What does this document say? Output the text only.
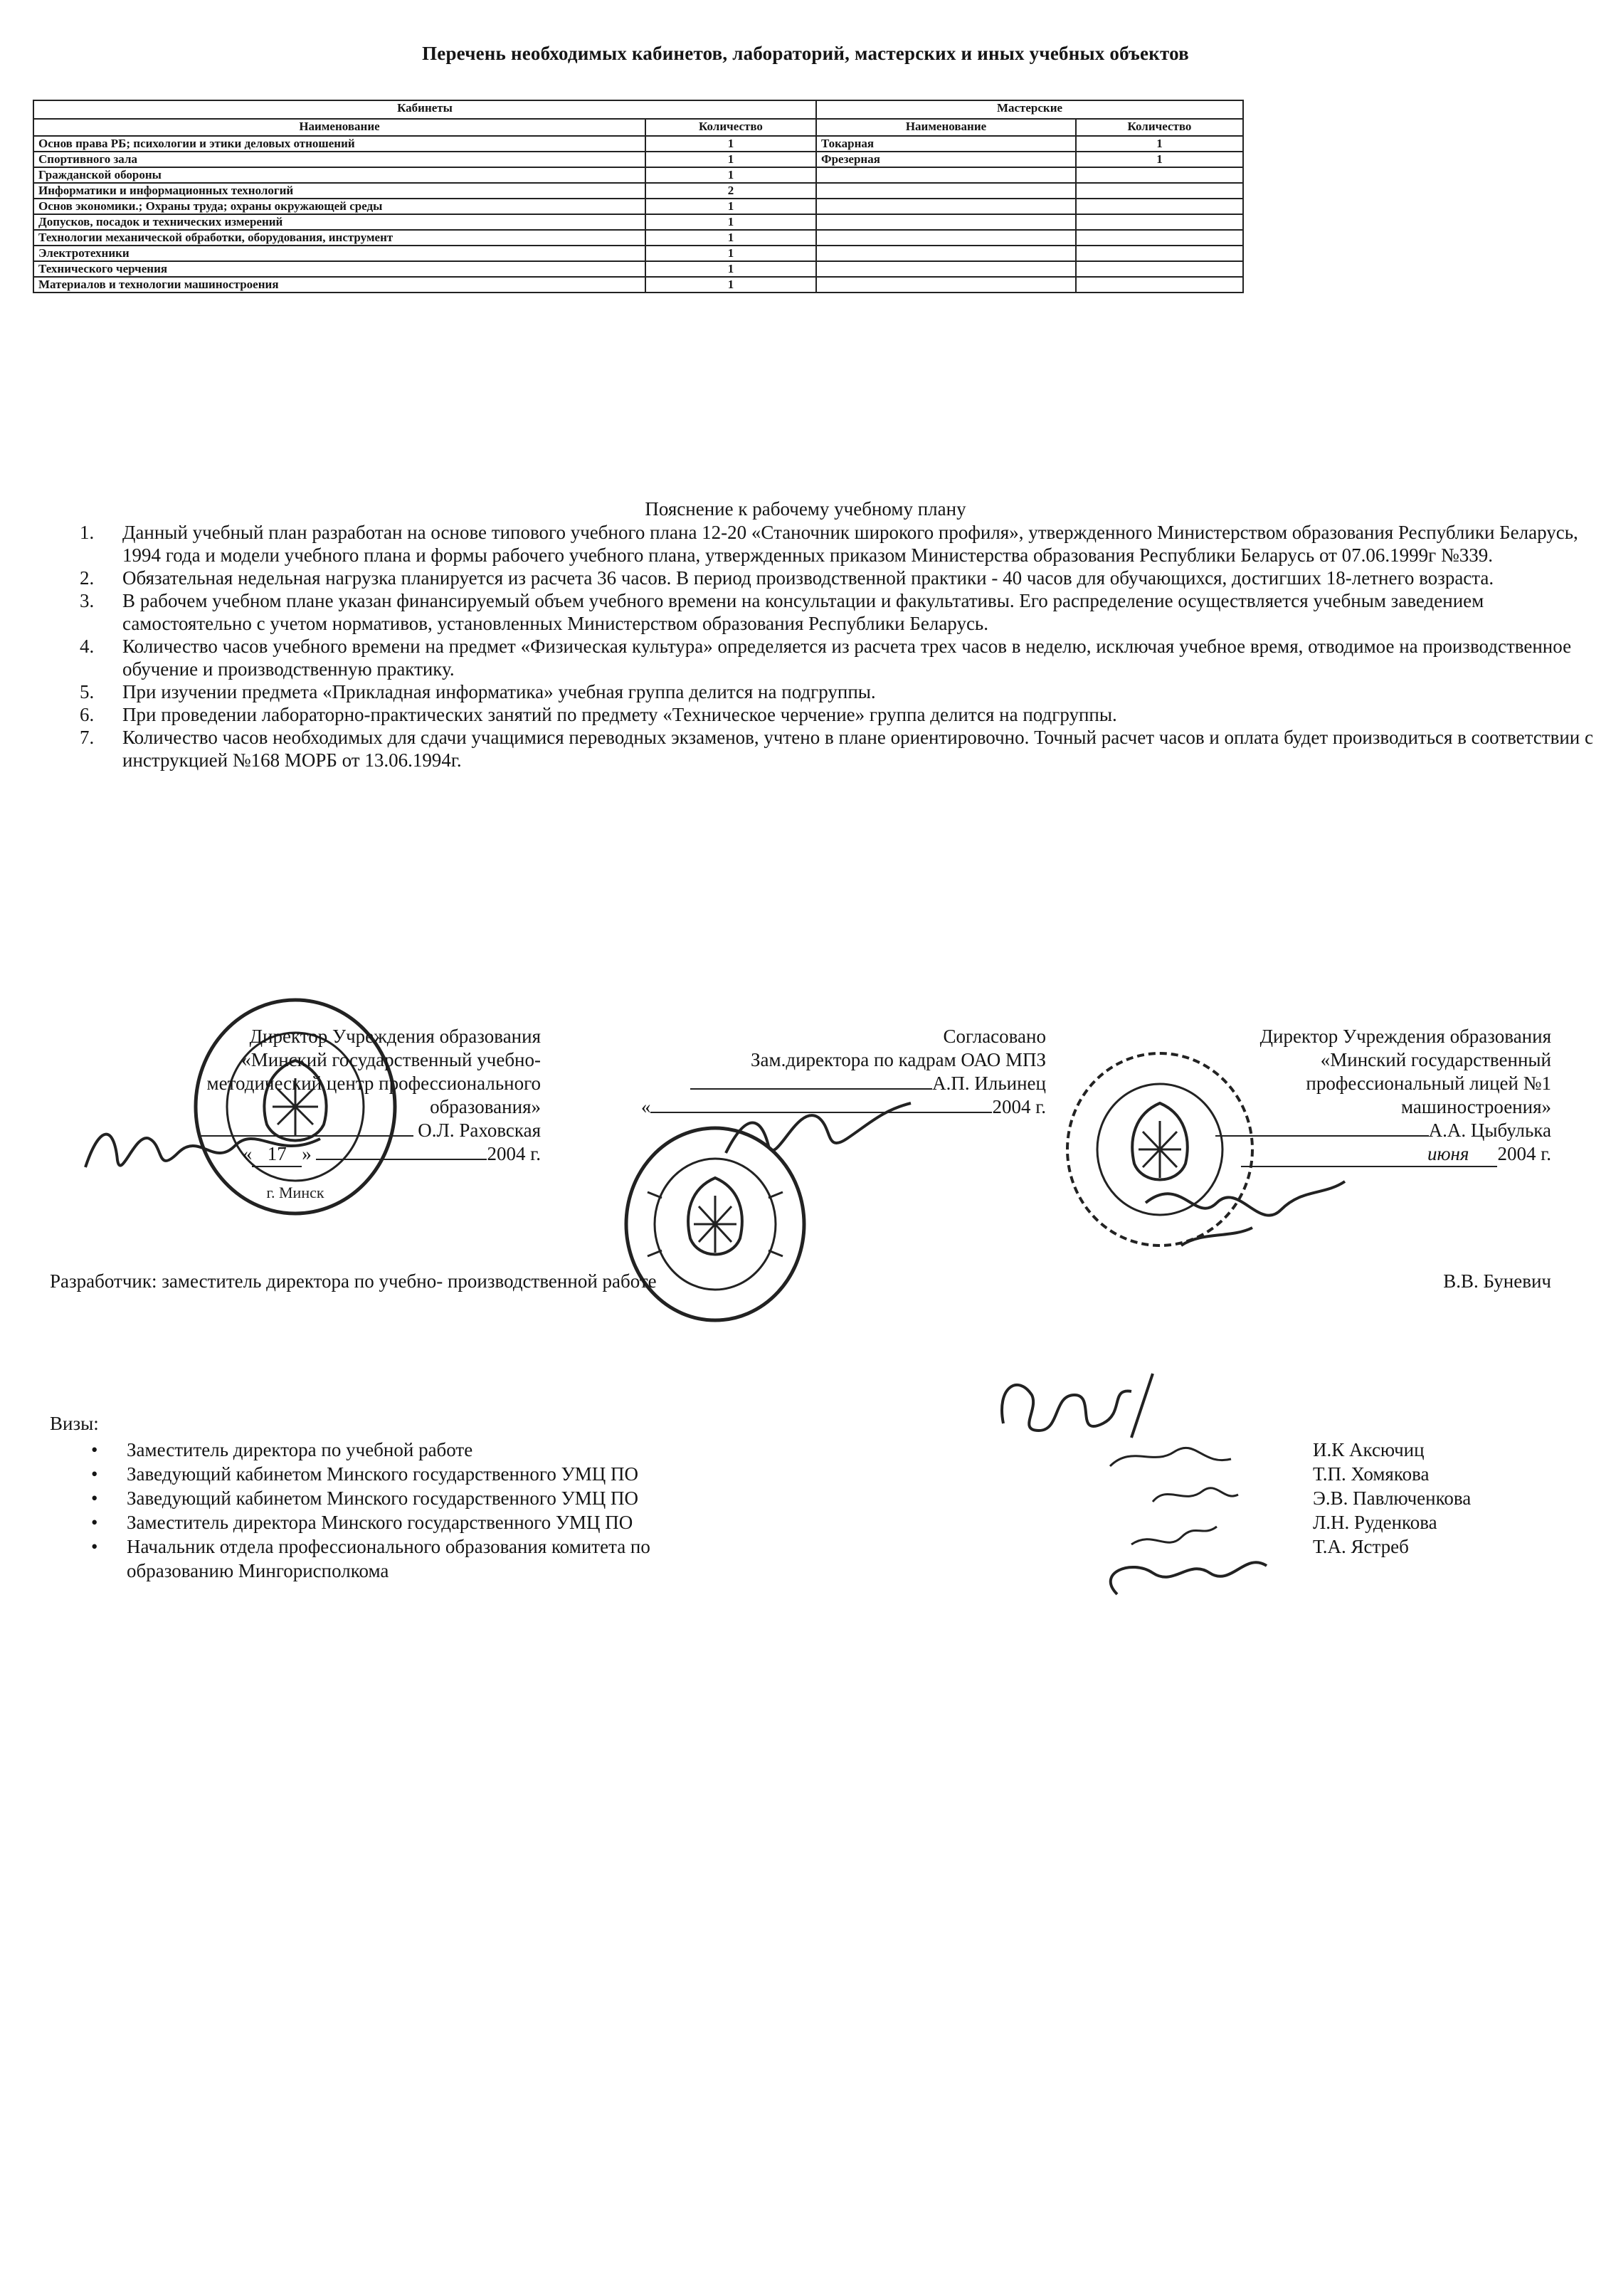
Перечень необходимых кабинетов, лабораторий, мастерских и иных учебных объектов
Кабинеты		Мастерские	
Наименование	Количество	Наименование	Количество
Основ права РБ; психологии и этики деловых отношений	1	Токарная	1
Спортивного зала	1	Фрезерная	1
Гражданской обороны	1		
Информатики и информационных технологий	2		
Основ экономики.; Охраны труда; охраны окружающей среды	1		
Допусков, посадок и технических измерений	1		
Технологии механической обработки, оборудования, инструмент	1		
Электротехники	1		
Технического черчения	1		
Материалов и технологии машиностроения	1		
Пояснение к рабочему учебному плану
1. Данный учебный план разработан на основе типового учебного плана 12-20 «Станочник широкого профиля», утвержденного Министерством образования Республики Беларусь, 1994 года и модели учебного плана и формы рабочего учебного плана, утвержденных приказом Министерства образования Республики Беларусь от 07.06.1999г №339.
2. Обязательная недельная нагрузка планируется из расчета 36 часов. В период производственной практики - 40 часов для обучающихся, достигших 18-летнего возраста.
3. В рабочем учебном плане указан финансируемый объем учебного времени на консультации и факультативы. Его распределение осуществляется учебным заведением самостоятельно с учетом нормативов, установленных Министерством образования Республики Беларусь.
4. Количество часов учебного времени на предмет «Физическая культура» определяется из расчета трех часов в неделю, исключая учебное время, отводимое на производственное обучение и производственную практику.
5. При изучении предмета «Прикладная информатика» учебная группа делится на подгруппы.
6. При проведении лабораторно-практических занятий по предмету «Техническое черчение» группа делится на подгруппы.
7. Количество часов необходимых для сдачи учащимися переводных экзаменов, учтено в плане ориентировочно. Точный расчет часов и оплата будет производиться в соответствии с инструкцией №168 МОРБ от 13.06.1994г.
г. Минск
Директор Учреждения образования
«Минский государственный учебно-
методический центр профессионального
образования»
О.Л. Раховская
« 17 »	2004 г.
Согласовано
Зам.директора по кадрам ОАО МПЗ
А.П. Ильинец
«	2004 г.
Директор Учреждения образования
«Минский государственный
профессиональный лицей №1
машиностроения»
А.А. Цыбулька
июня 2004 г.
Разработчик: заместитель директора по учебно- производственной работе	В.В. Буневич
Визы:
• Заместитель директора по учебной работе
• Заведующий кабинетом Минского государственного УМЦ ПО
• Заведующий кабинетом Минского государственного УМЦ ПО
• Заместитель директора Минского государственного УМЦ ПО
• Начальник отдела профессионального образования комитета по образованию Мингорисполкома
И.К Аксючиц
Т.П. Хомякова
Э.В. Павлюченкова
Л.Н. Руденкова
Т.А. Ястреб
